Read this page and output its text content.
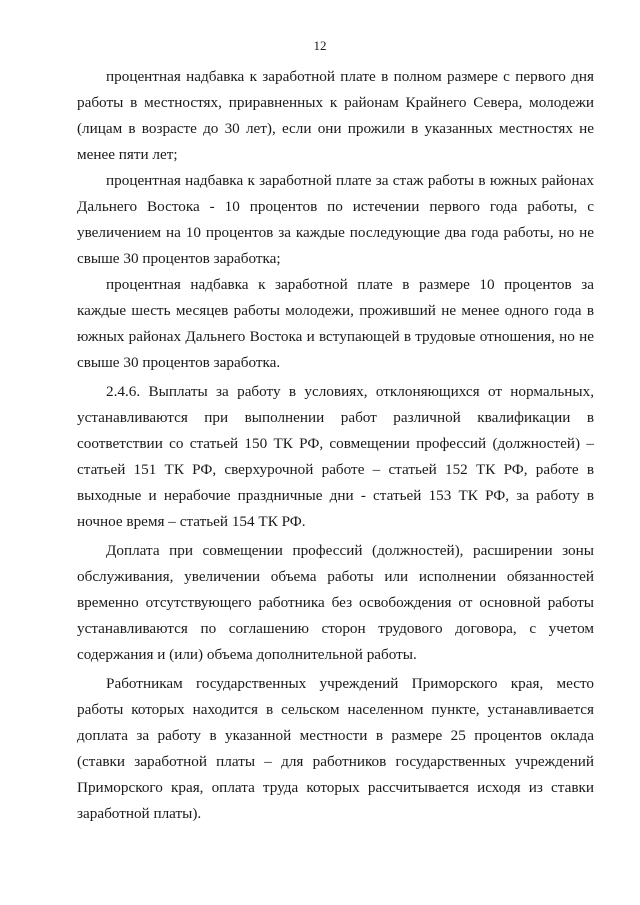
12

процентная надбавка к заработной плате в полном размере с первого дня работы в местностях, приравненных к районам Крайнего Севера, молодежи (лицам в возрасте до 30 лет), если они прожили в указанных местностях не менее пяти лет;

процентная надбавка к заработной плате за стаж работы в южных районах Дальнего Востока - 10 процентов по истечении первого года работы, с увеличением на 10 процентов за каждые последующие два года работы, но не свыше 30 процентов заработка;

процентная надбавка к заработной плате в размере 10 процентов за каждые шесть месяцев работы молодежи, проживший не менее одного года в южных районах Дальнего Востока и вступающей в трудовые отношения, но не свыше 30 процентов заработка.

2.4.6. Выплаты за работу в условиях, отклоняющихся от нормальных, устанавливаются при выполнении работ различной квалификации в соответствии со статьей 150 ТК РФ, совмещении профессий (должностей) – статьей 151 ТК РФ, сверхурочной работе – статьей 152 ТК РФ, работе в выходные и нерабочие праздничные дни - статьей 153 ТК РФ, за работу в ночное время – статьей 154 ТК РФ.

Доплата при совмещении профессий (должностей), расширении зоны обслуживания, увеличении объема работы или исполнении обязанностей временно отсутствующего работника без освобождения от основной работы устанавливаются по соглашению сторон трудового договора, с учетом содержания и (или) объема дополнительной работы.

Работникам государственных учреждений Приморского края, место работы которых находится в сельском населенном пункте, устанавливается доплата за работу в указанной местности в размере 25 процентов оклада (ставки заработной платы – для работников государственных учреждений Приморского края, оплата труда которых рассчитывается исходя из ставки заработной платы).
